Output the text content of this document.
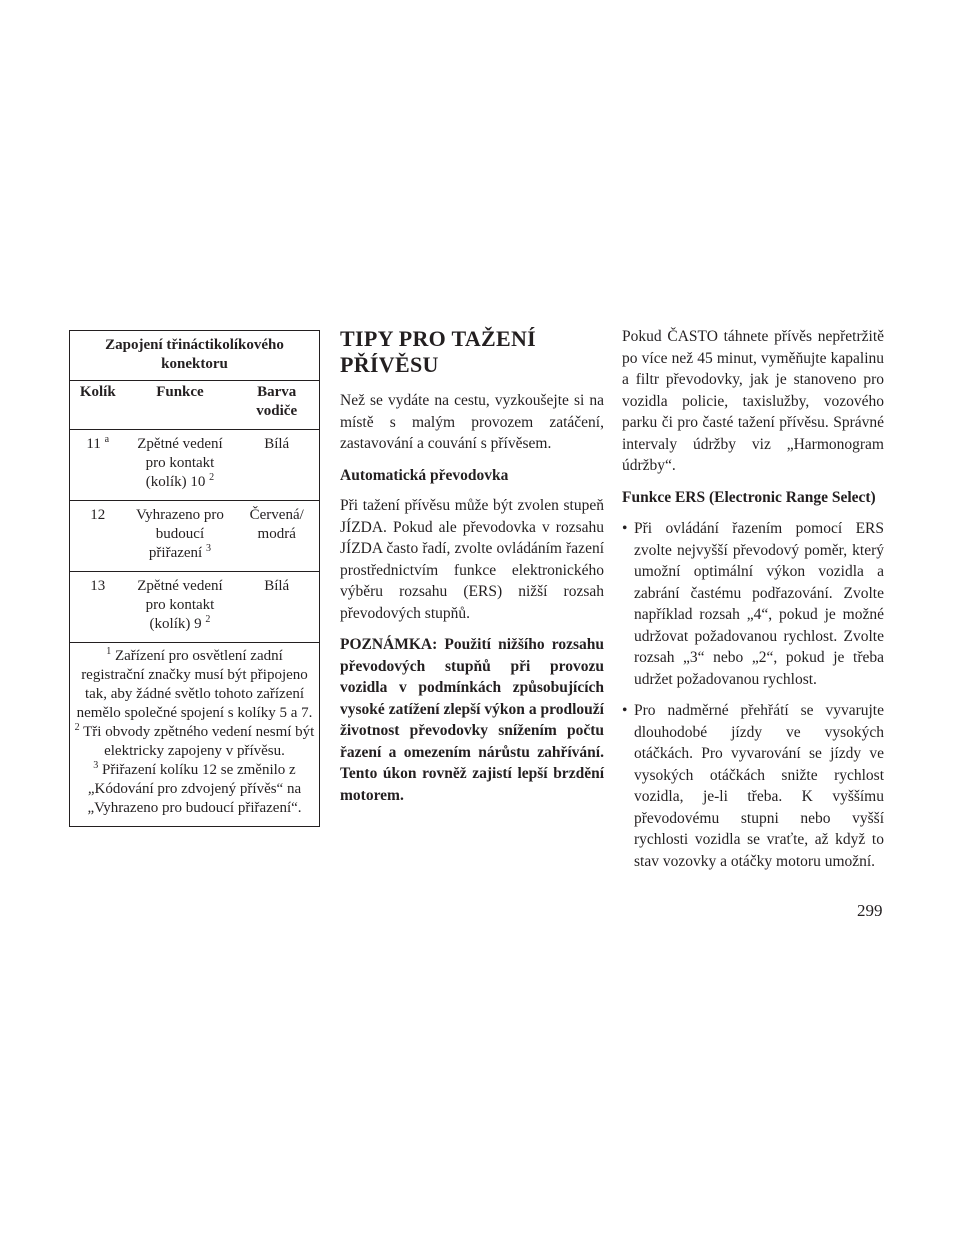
Zapojení třináctikolíkového konektoru		
Kolík	Funkce	Barva vodiče
11 $^a$	Zpětné vedení pro kontakt (kolík) 10 $^2$	Bílá
12	Vyhrazeno pro budoucí přiřazení $^3$	Červená/ modrá
13	Zpětné vedení pro kontakt (kolík) 9 $^2$	Bílá

$^1$ Zařízení pro osvětlení zadní registrační značky musí být připojeno tak, aby žádné světlo tohoto zařízení nemělo společné spojení s kolíky 5 a 7.
$^2$ Tři obvody zpětného vedení nesmí být elektricky zapojeny v přívěsu.
$^3$ Přiřazení kolíku 12 se změnilo z „Kódování pro zdvojený přívěs“ na „Vyhrazeno pro budoucí přiřazení“.		
TIPY PRO TAŽENÍ PŘÍVĚSU

Než se vydáte na cestu, vyzkoušejte si na místě s malým provozem zatáčení, zastavování a couvání s přívěsem.

Automatická převodovka

Při tažení přívěsu může být zvolen stupeň JÍZDA. Pokud ale převodovka v rozsahu JÍZDA často řadí, zvolte ovládáním řazení prostřednictvím funkce elektronického výběru rozsahu (ERS) nižší rozsah převodových stupňů.

POZNÁMKA: Použití nižšího rozsahu převodových stupňů při provozu vozidla v podmínkách způsobujících vysoké zatížení zlepší výkon a prodlouží životnost převodovky snížením počtu řazení a omezením nárůstu zahřívání. Tento úkon rovněž zajistí lepší brzdění motorem.

Pokud ČASTO táhnete přívěs nepřetržitě po více než 45 minut, vyměňujte kapalinu a filtr převodovky, jak je stanoveno pro vozidla policie, taxislužby, vozového parku či pro časté tažení přívěsu. Správné intervaly údržby viz „Harmonogram údržby“.

Funkce ERS (Electronic Range Select)
• Při ovládání řazením pomocí ERS zvolte nejvyšší převodový poměr, který umožní optimální výkon vozidla a zabrání častému podřazování. Zvolte například rozsah „4“, pokud je možné udržovat požadovanou rychlost. Zvolte rozsah „3“ nebo „2“, pokud je třeba udržet požadovanou rychlost.
• Pro nadměrné přehřátí se vyvarujte dlouhodobé jízdy ve vysokých otáčkách. Pro vyvarování se jízdy ve vysokých otáčkách snižte rychlost vozidla, je-li třeba. K vyššímu převodovému stupni nebo vyšší rychlosti vozidla se vraťte, až když to stav vozovky a otáčky motoru umožní.
299
